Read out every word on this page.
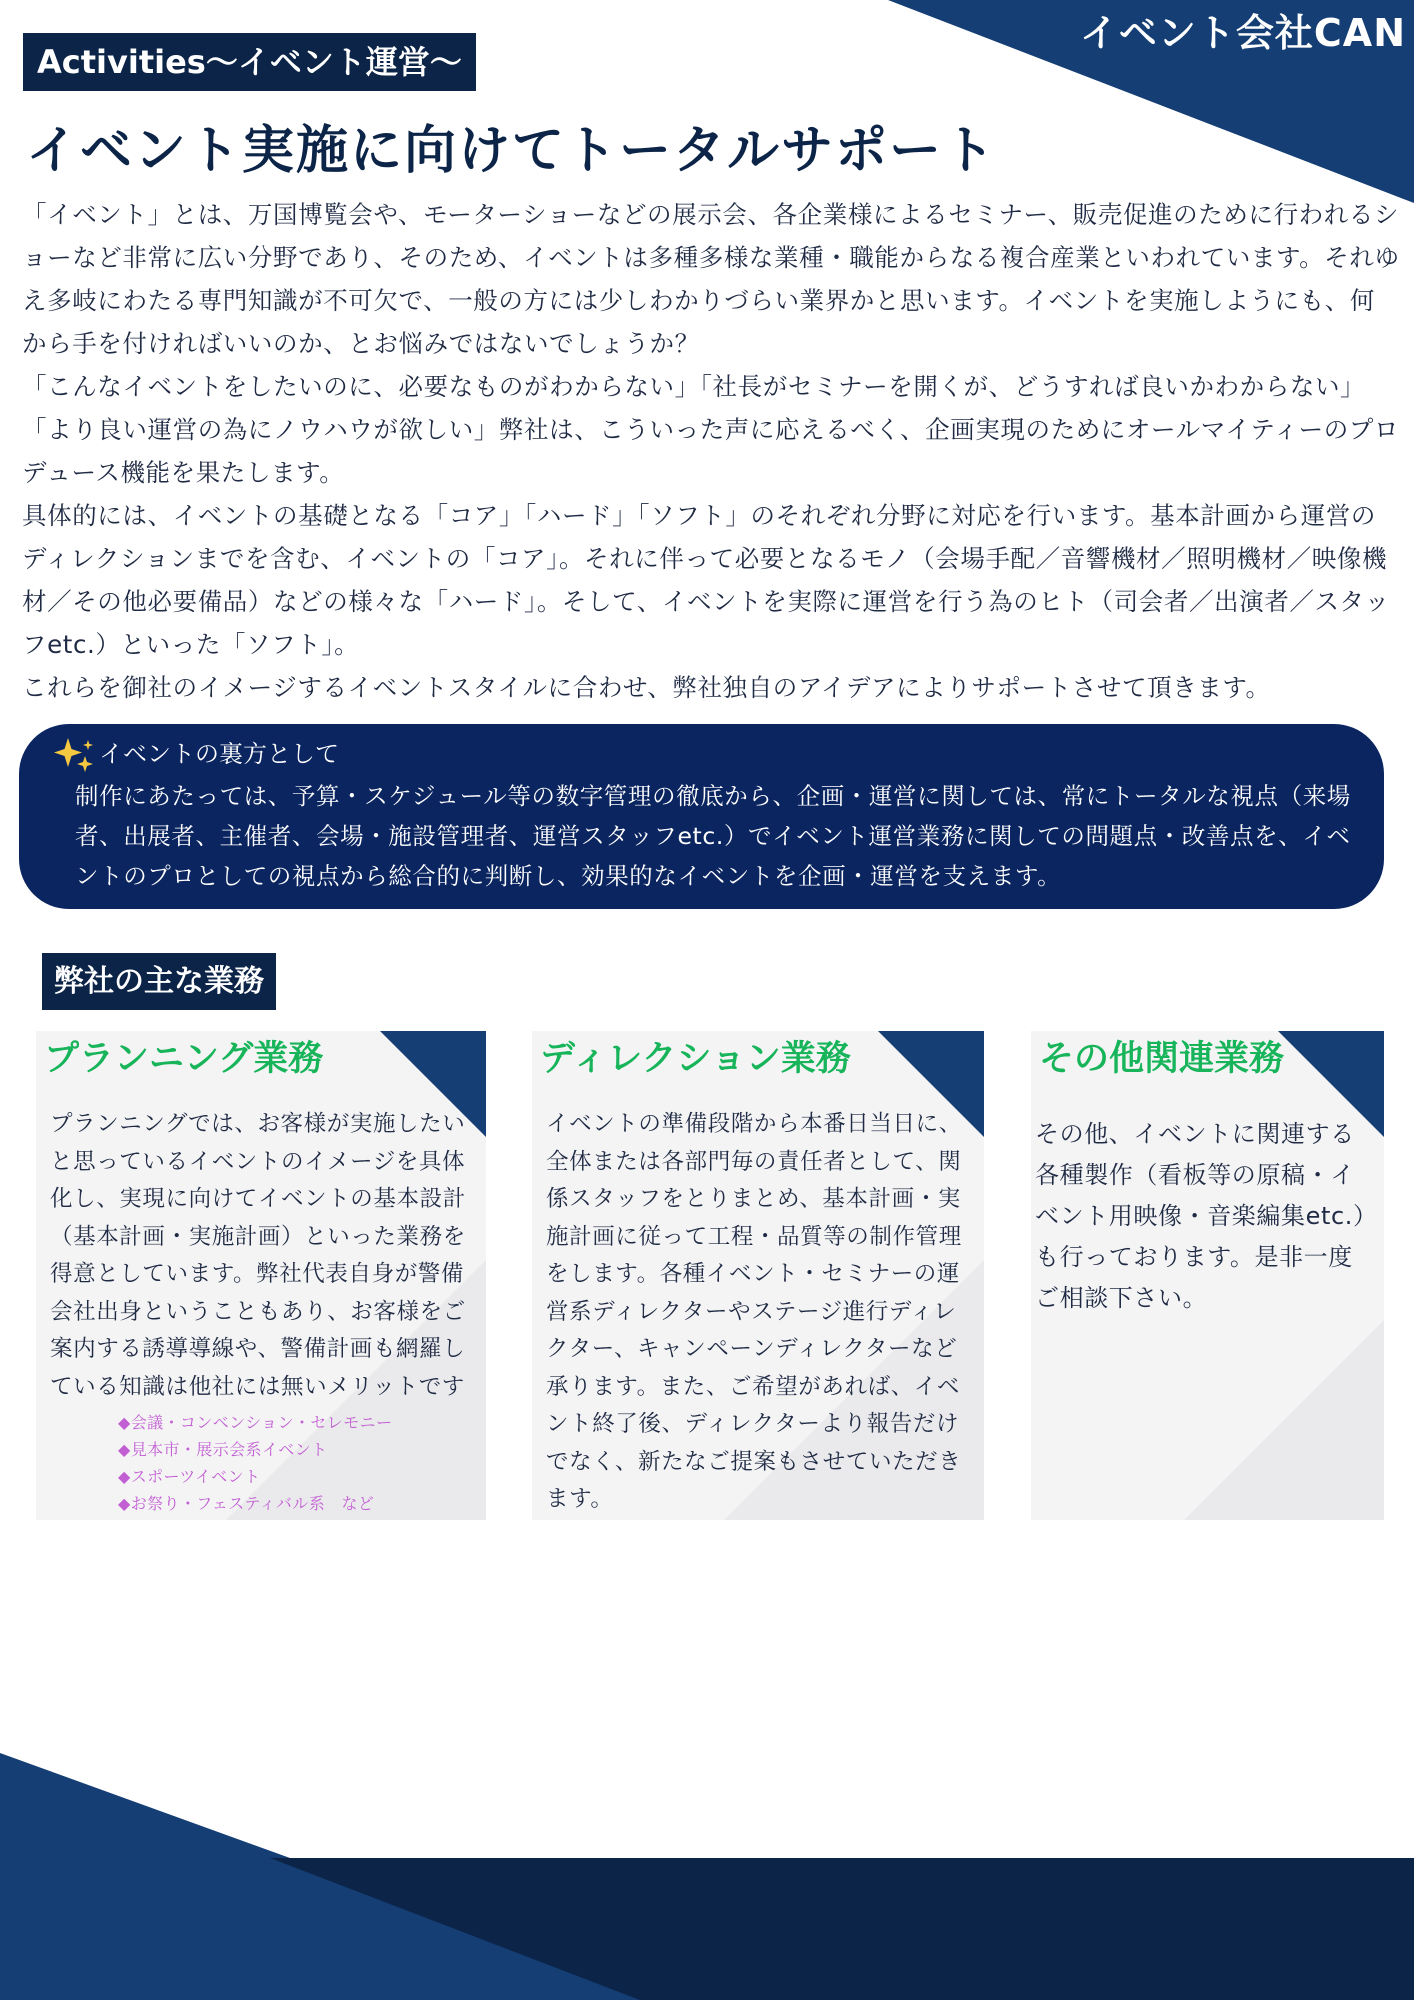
イベント会社CAN
Activities〜イベント運営〜
イベント実施に向けてトータルサポート

「イベント」とは、万国博覧会や、モーターショーなどの展示会、各企業様によるセミナー、販売促進のために行われるショーなど非常に広い分野であり、そのため、イベントは多種多様な業種・職能からなる複合産業といわれています。それゆえ多岐にわたる専門知識が不可欠で、一般の方には少しわかりづらい業界かと思います。イベントを実施しようにも、何から手を付ければいいのか、とお悩みではないでしょうか？

「こんなイベントをしたいのに、必要なものがわからない」「社長がセミナーを開くが、どうすれば良いかわからない」「より良い運営の為にノウハウが欲しい」弊社は、こういった声に応えるべく、企画実現のためにオールマイティーのプロデュース機能を果たします。

具体的には、イベントの基礎となる「コア」「ハード」「ソフト」のそれぞれ分野に対応を行います。基本計画から運営のディレクションまでを含む、イベントの「コア」。それに伴って必要となるモノ（会場手配／音響機材／照明機材／映像機材／その他必要備品）などの様々な「ハード」。そして、イベントを実際に運営を行う為のヒト（司会者／出演者／スタッフetc.）といった「ソフト」。

これらを御社のイメージするイベントスタイルに合わせ、弊社独自のアイデアによりサポートさせて頂きます。

イベントの裏方として
制作にあたっては、予算・スケジュール等の数字管理の徹底から、企画・運営に関しては、常にトータルな視点（来場者、出展者、主催者、会場・施設管理者、運営スタッフetc.）でイベント運営業務に関しての問題点・改善点を、イベントのプロとしての視点から総合的に判断し、効果的なイベントを企画・運営を支えます。
弊社の主な業務
プランニング業務
プランニングでは、お客様が実施したいと思っているイベントのイメージを具体化し、実現に向けてイベントの基本設計（基本計画・実施計画）といった業務を得意としています。弊社代表自身が警備会社出身ということもあり、お客様をご案内する誘導導線や、警備計画も網羅している知識は他社には無いメリットです
◆会議・コンベンション・セレモニー
◆見本市・展示会系イベント
◆スポーツイベント
◆お祭り・フェスティバル系　など
ディレクション業務
イベントの準備段階から本番日当日に、全体または各部門毎の責任者として、関係スタッフをとりまとめ、基本計画・実施計画に従って工程・品質等の制作管理をします。各種イベント・セミナーの運営系ディレクターやステージ進行ディレクター、キャンペーンディレクターなど承ります。また、ご希望があれば、イベント終了後、ディレクターより報告だけでなく、新たなご提案もさせていただきます。
その他関連業務
その他、イベントに関連する各種製作（看板等の原稿・イベント用映像・音楽編集etc.）も行っております。是非一度ご相談下さい。
